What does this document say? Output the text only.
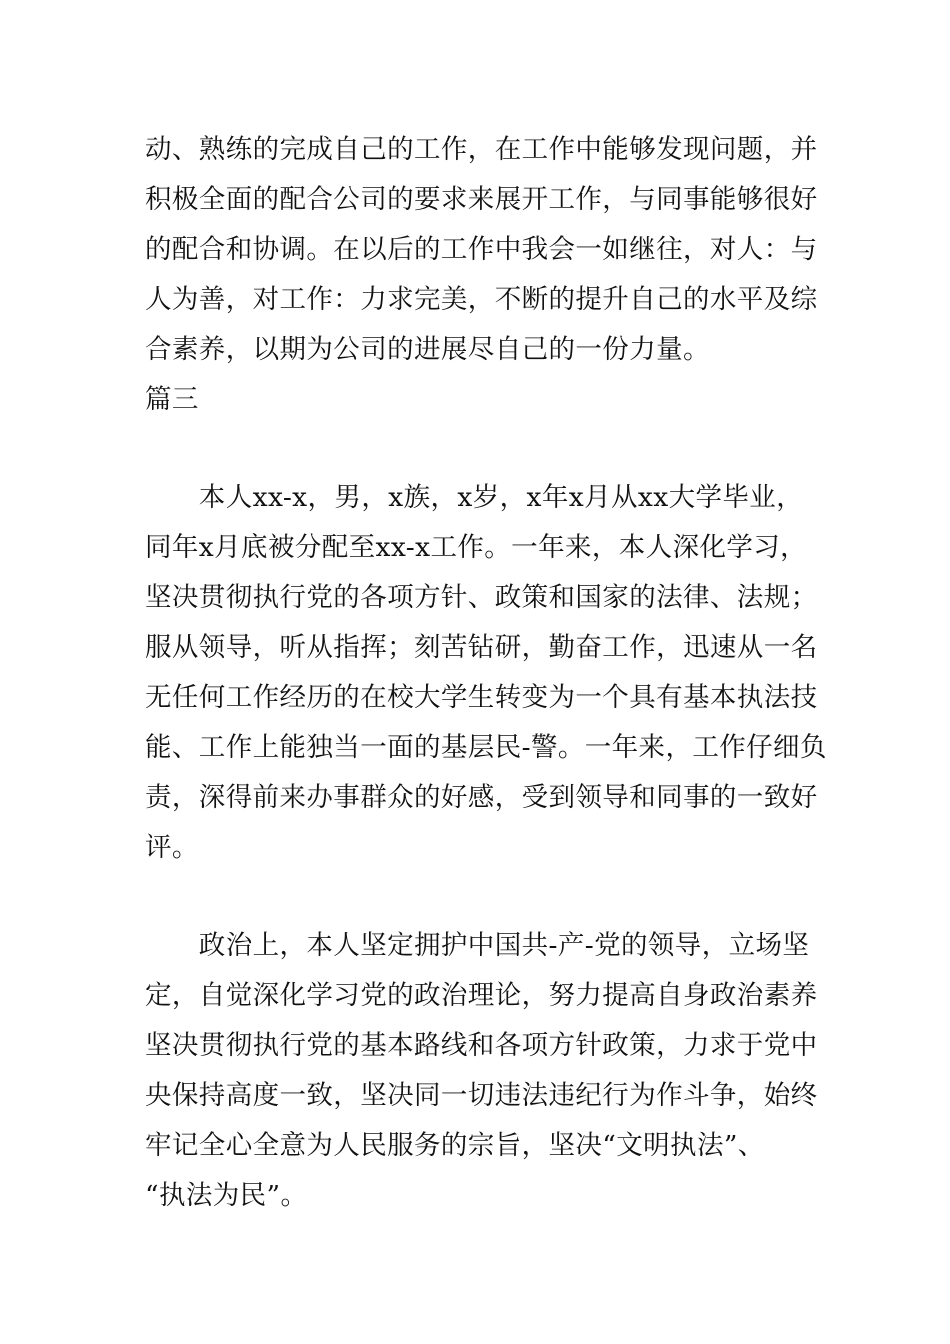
动、熟练的完成自己的工作，在工作中能够发现问题，并
积极全面的配合公司的要求来展开工作，与同事能够很好
的配合和协调。在以后的工作中我会一如继往，对人：与
人为善，对工作：力求完美，不断的提升自己的水平及综
合素养，以期为公司的进展尽自己的一份力量。
篇三
　　本人xx-x，男，x族，x岁，x年x月从xx大学毕业，
同年x月底被分配至xx-x工作。一年来，本人深化学习，
坚决贯彻执行党的各项方针、政策和国家的法律、法规；
服从领导，听从指挥；刻苦钻研，勤奋工作，迅速从一名
无任何工作经历的在校大学生转变为一个具有基本执法技
能、工作上能独当一面的基层民-警。一年来，工作仔细负
责，深得前来办事群众的好感，受到领导和同事的一致好
评。
　　政治上，本人坚定拥护中国共-产-党的领导，立场坚
定，自觉深化学习党的政治理论，努力提高自身政治素养
坚决贯彻执行党的基本路线和各项方针政策，力求于党中
央保持高度一致，坚决同一切违法违纪行为作斗争，始终
牢记全心全意为人民服务的宗旨，坚决“文明执法”、
“执法为民”。
